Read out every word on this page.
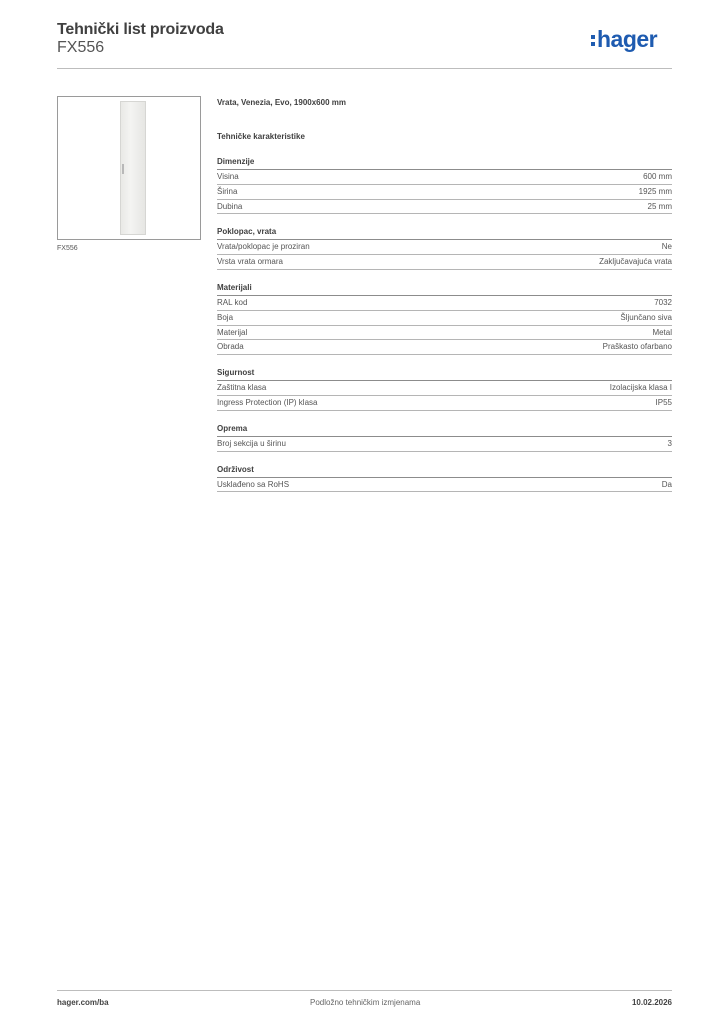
Tehnički list proizvoda
FX556	hager
FX556
Vrata, Venezia, Evo, 1900x600 mm
Tehničke karakteristike
Dimenzije
Visina	600 mm
Širina	1925 mm
Dubina	25 mm
Poklopac, vrata
Vrata/poklopac je proziran	Ne
Vrsta vrata ormara	Zaključavajuća vrata
Materijali
RAL kod	7032
Boja	Šljunčano siva
Materijal	Metal
Obrada	Praškasto ofarbano
Sigurnost
Zaštitna klasa	Izolacijska klasa I
Ingress Protection (IP) klasa	IP55
Oprema
Broj sekcija u širinu	3
Održivost
Usklađeno sa RoHS	Da
hager.com/ba	Podložno tehničkim izmjenama	10.02.2026
